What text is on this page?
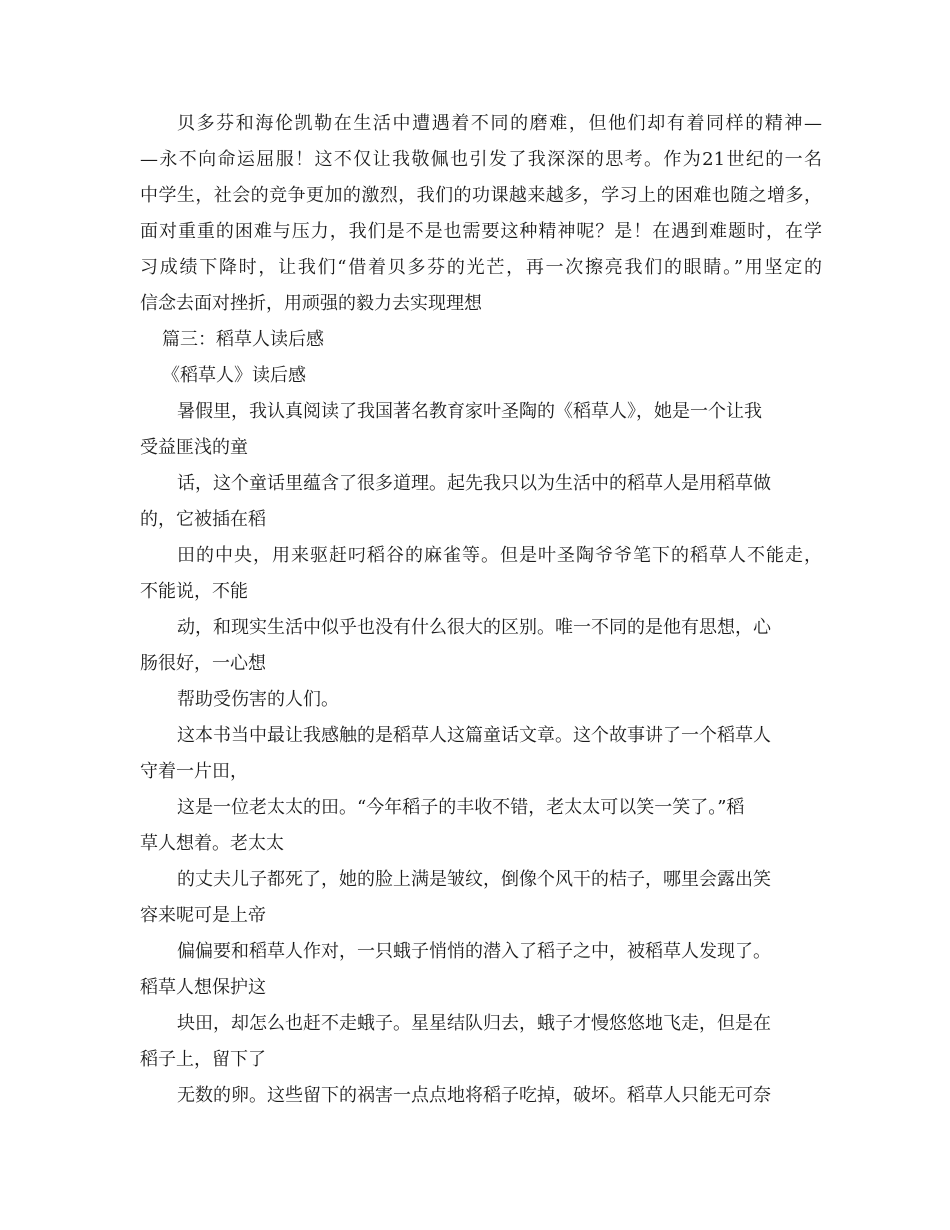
贝多芬和海伦凯勒在生活中遭遇着不同的磨难，但他们却有着同样的精神—
—永不向命运屈服！这不仅让我敬佩也引发了我深深的思考。作为21世纪的一名
中学生，社会的竞争更加的激烈，我们的功课越来越多，学习上的困难也随之增多，
面对重重的困难与压力，我们是不是也需要这种精神呢？是！在遇到难题时，在学
习成绩下降时，让我们“借着贝多芬的光芒，再一次擦亮我们的眼睛。”用坚定的
信念去面对挫折，用顽强的毅力去实现理想
篇三：稻草人读后感
《稻草人》读后感
暑假里，我认真阅读了我国著名教育家叶圣陶的《稻草人》，她是一个让我
受益匪浅的童
话，这个童话里蕴含了很多道理。起先我只以为生活中的稻草人是用稻草做
的，它被插在稻
田的中央，用来驱赶叼稻谷的麻雀等。但是叶圣陶爷爷笔下的稻草人不能走，
不能说，不能
动，和现实生活中似乎也没有什么很大的区别。唯一不同的是他有思想，心
肠很好，一心想
帮助受伤害的人们。
这本书当中最让我感触的是稻草人这篇童话文章。这个故事讲了一个稻草人
守着一片田，
这是一位老太太的田。“今年稻子的丰收不错，老太太可以笑一笑了。”稻
草人想着。老太太
的丈夫儿子都死了，她的脸上满是皱纹，倒像个风干的桔子，哪里会露出笑
容来呢可是上帝
偏偏要和稻草人作对，一只蛾子悄悄的潜入了稻子之中，被稻草人发现了。
稻草人想保护这
块田，却怎么也赶不走蛾子。星星结队归去，蛾子才慢悠悠地飞走，但是在
稻子上，留下了
无数的卵。这些留下的祸害一点点地将稻子吃掉，破坏。稻草人只能无可奈
